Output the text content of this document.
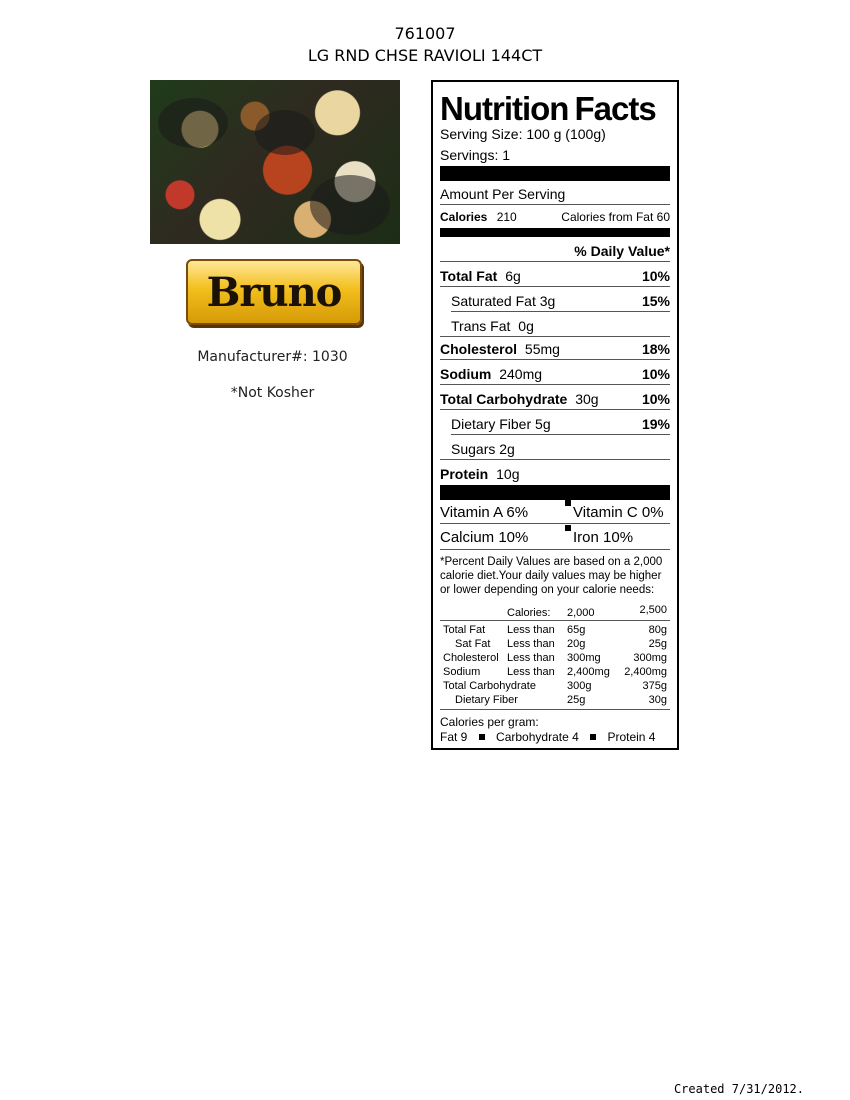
761007
LG RND CHSE RAVIOLI 144CT
Bruno
Manufacturer#: 1030
*Not Kosher
Created 7/31/2012.
Nutrition Facts
Serving Size: 100 g (100g)
Servings: 1
Amount Per Serving
Calories 210	Calories from Fat 60
% Daily Value*
Total Fat 6g	10%
Saturated Fat 3g	15%
Trans Fat 0g
Cholesterol 55mg	18%
Sodium 240mg	10%
Total Carbohydrate 30g	10%
Dietary Fiber 5g	19%
Sugars 2g
Protein 10g
Vitamin A 6%	Vitamin C 0%
Calcium 10%	Iron 10%
*Percent Daily Values are based on a 2,000 calorie diet.Your daily values may be higher or lower depending on your calorie needs:
Calories: 2,000	2,500
Total Fat Less than 65g	80g
Sat Fat Less than 20g	25g
Cholesterol Less than 300mg	300mg
Sodium Less than 2,400mg 2,400mg
Total Carbohydrate	300g	375g
Dietary Fiber	25g	30g
Calories per gram:
Fat 9 Carbohydrate 4 Protein 4
